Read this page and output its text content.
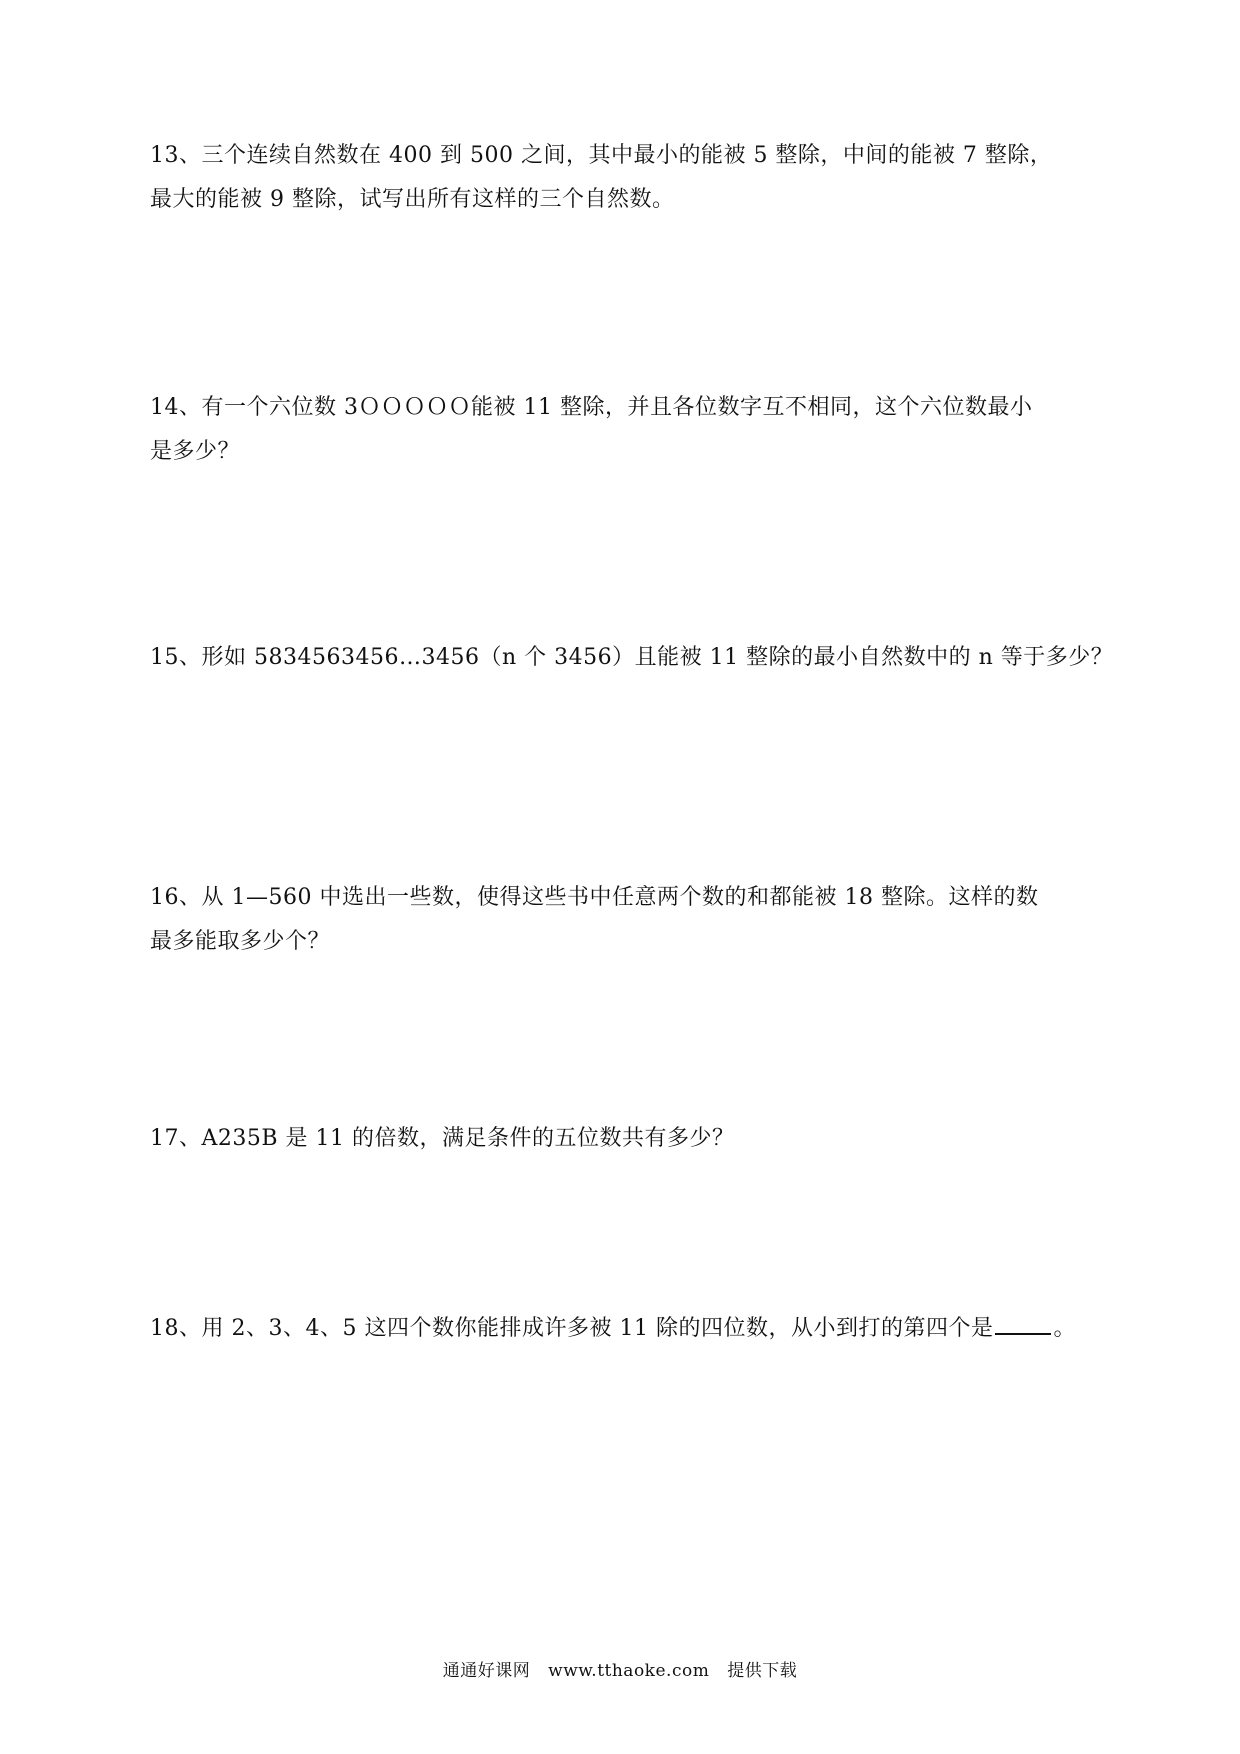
13、三个连续自然数在 400 到 500 之间，其中最小的能被 5 整除，中间的能被 7 整除，
最大的能被 9 整除，试写出所有这样的三个自然数。
14、有一个六位数 3ＯＯＯＯＯ能被 11 整除，并且各位数字互不相同，这个六位数最小
是多少？
15、形如 5834563456…3456（n 个 3456）且能被 11 整除的最小自然数中的 n 等于多少？
16、从 1—560 中选出一些数，使得这些书中任意两个数的和都能被 18 整除。这样的数
最多能取多少个？
17、A235B 是 11 的倍数，满足条件的五位数共有多少？
18、用 2、3、4、5 这四个数你能排成许多被 11 除的四位数，从小到打的第四个是	。
通通好课网 www.tthaoke.com 提供下载
